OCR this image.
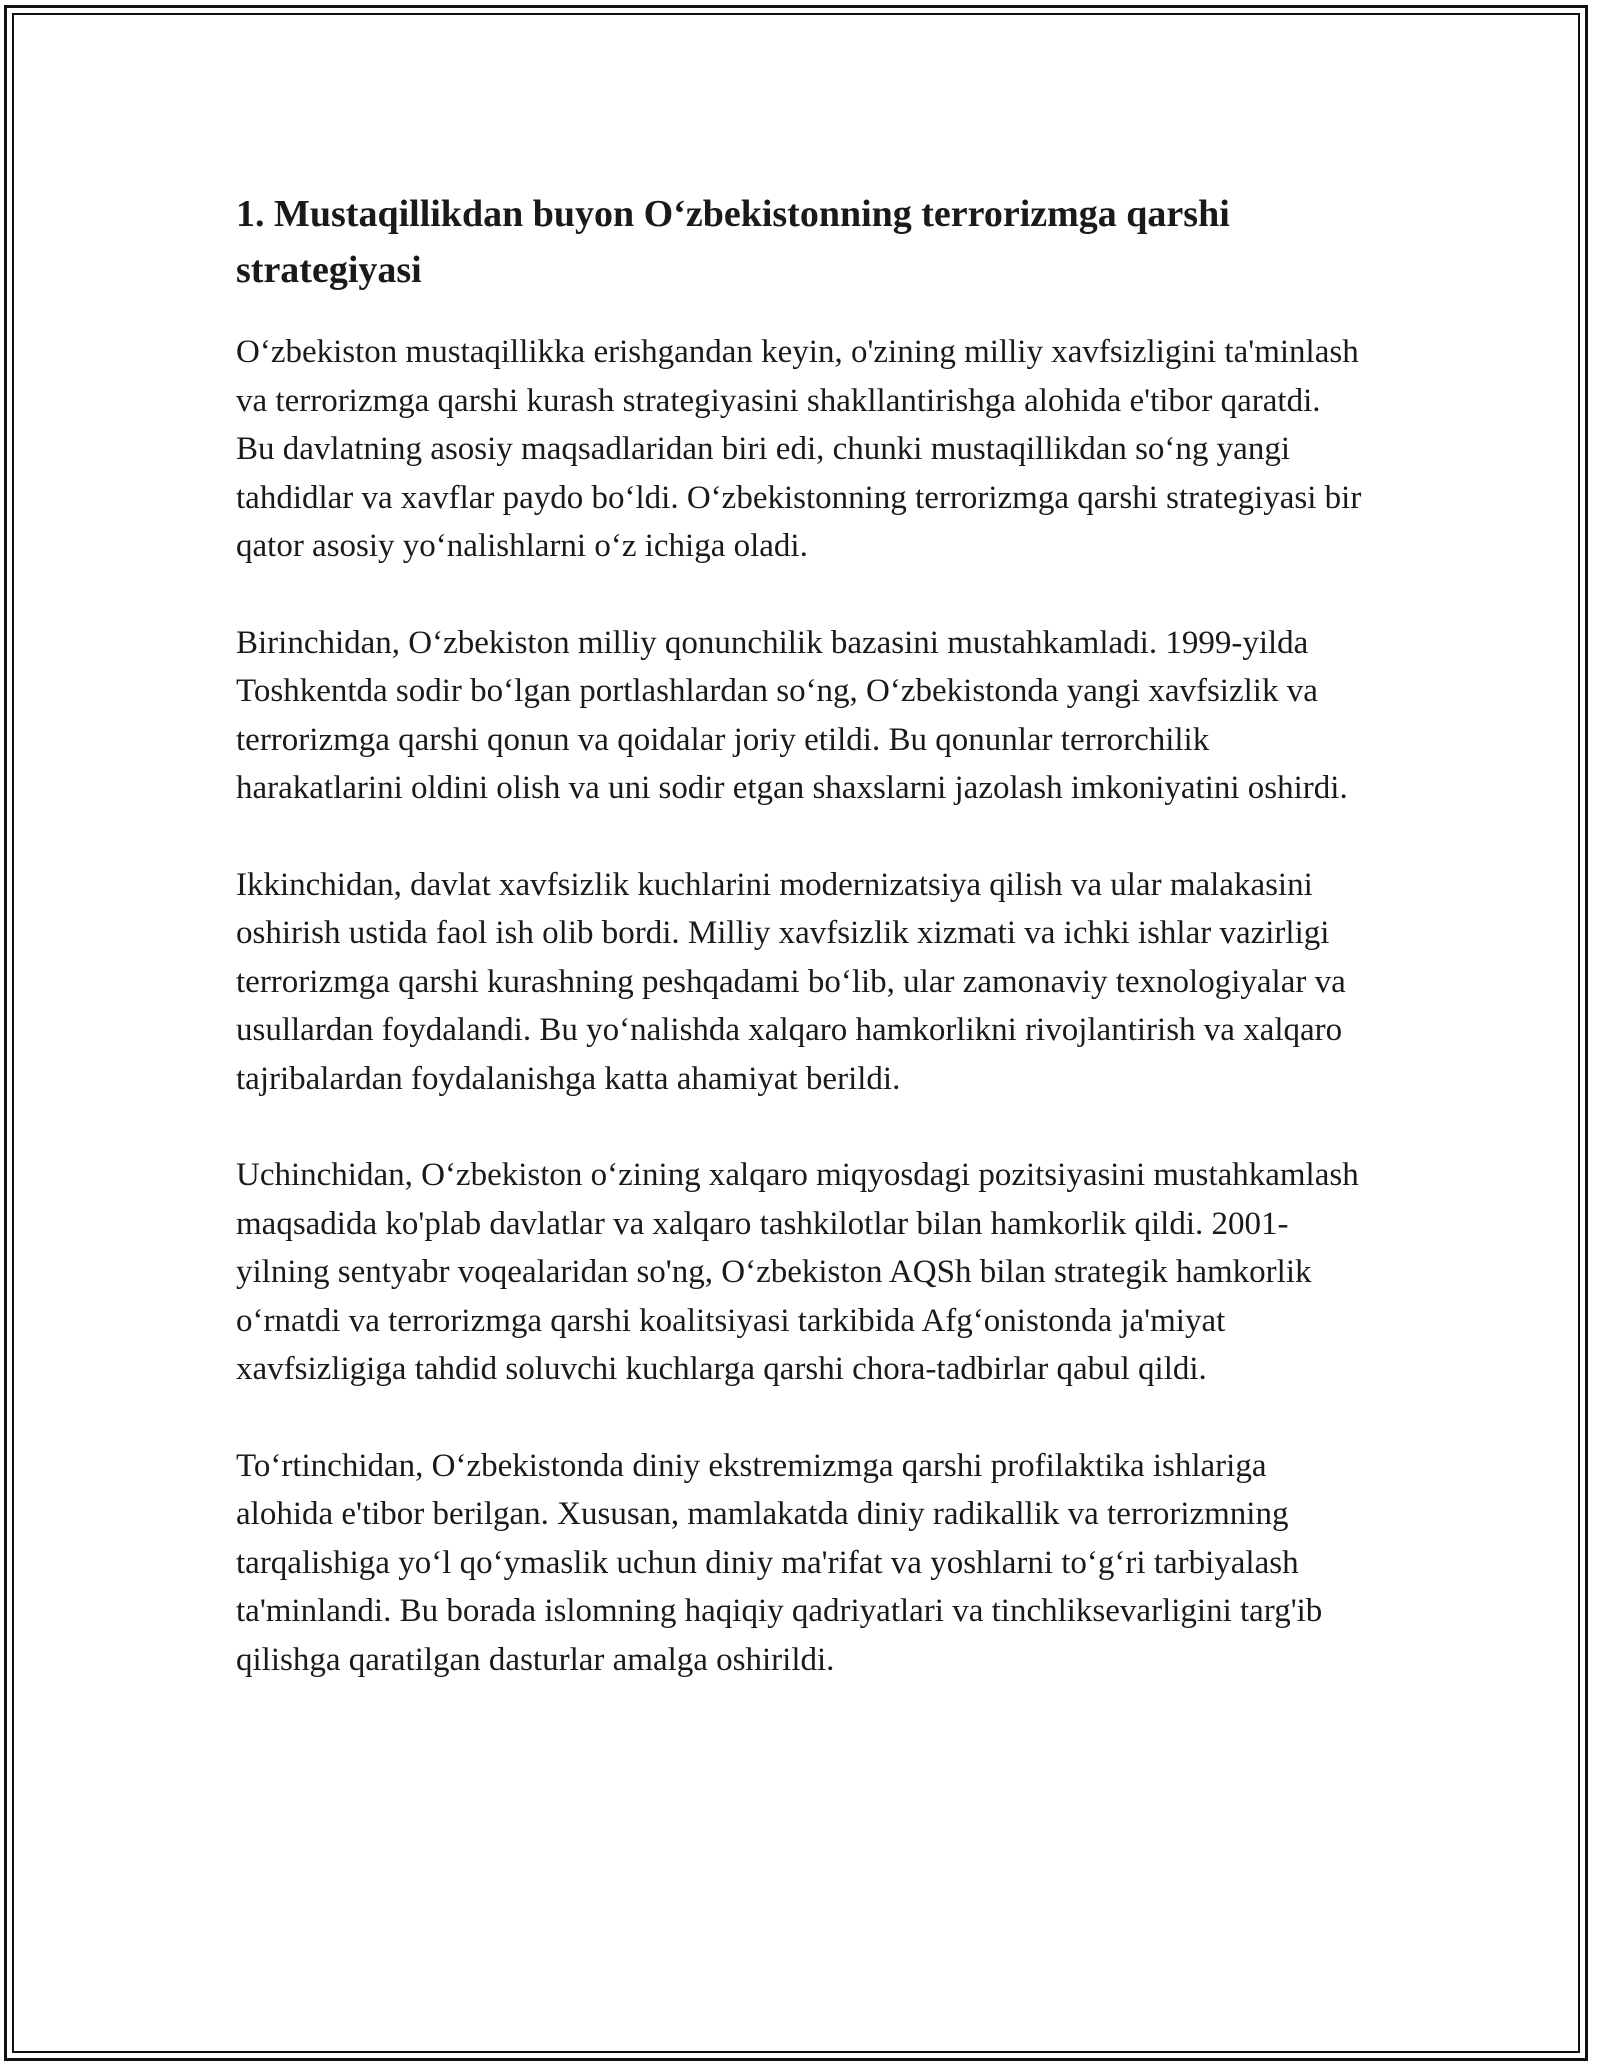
1. Mustaqillikdan buyon O‘zbekistonning terrorizmga qarshi strategiyasi

O‘zbekiston mustaqillikka erishgandan keyin, o'zining milliy xavfsizligini ta'minlash va terrorizmga qarshi kurash strategiyasini shakllantirishga alohida e'tibor qaratdi. Bu davlatning asosiy maqsadlaridan biri edi, chunki mustaqillikdan so‘ng yangi tahdidlar va xavflar paydo bo‘ldi. O‘zbekistonning terrorizmga qarshi strategiyasi bir qator asosiy yo‘nalishlarni o‘z ichiga oladi.

Birinchidan, O‘zbekiston milliy qonunchilik bazasini mustahkamladi. 1999-yilda Toshkentda sodir bo‘lgan portlashlardan so‘ng, O‘zbekistonda yangi xavfsizlik va terrorizmga qarshi qonun va qoidalar joriy etildi. Bu qonunlar terrorchilik harakatlarini oldini olish va uni sodir etgan shaxslarni jazolash imkoniyatini oshirdi.

Ikkinchidan, davlat xavfsizlik kuchlarini modernizatsiya qilish va ular malakasini oshirish ustida faol ish olib bordi. Milliy xavfsizlik xizmati va ichki ishlar vazirligi terrorizmga qarshi kurashning peshqadami bo‘lib, ular zamonaviy texnologiyalar va usullardan foydalandi. Bu yo‘nalishda xalqaro hamkorlikni rivojlantirish va xalqaro tajribalardan foydalanishga katta ahamiyat berildi.

Uchinchidan, O‘zbekiston o‘zining xalqaro miqyosdagi pozitsiyasini mustahkamlash maqsadida ko'plab davlatlar va xalqaro tashkilotlar bilan hamkorlik qildi. 2001-yilning sentyabr voqealaridan so'ng, O‘zbekiston AQSh bilan strategik hamkorlik o‘rnatdi va terrorizmga qarshi koalitsiyasi tarkibida Afg‘onistonda ja'miyat xavfsizligiga tahdid soluvchi kuchlarga qarshi chora-tadbirlar qabul qildi.

To‘rtinchidan, O‘zbekistonda diniy ekstremizmga qarshi profilaktika ishlariga alohida e'tibor berilgan. Xususan, mamlakatda diniy radikallik va terrorizmning tarqalishiga yo‘l qo‘ymaslik uchun diniy ma'rifat va yoshlarni to‘g‘ri tarbiyalash ta'minlandi. Bu borada islomning haqiqiy qadriyatlari va tinchliksevarligini targ'ib qilishga qaratilgan dasturlar amalga oshirildi.
